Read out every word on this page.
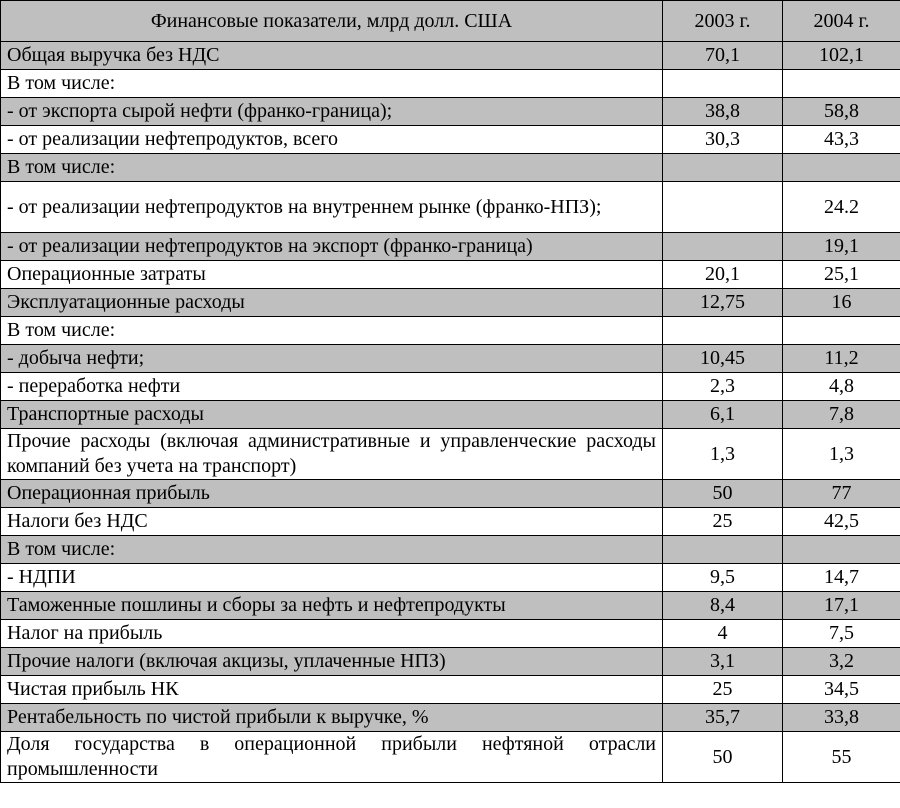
Финансовые показатели, млрд долл. США	2003 г.	2004 г.
Общая выручка без НДС	70,1	102,1
В том числе:		
- от экспорта сырой нефти (франко-граница);	38,8	58,8
- от реализации нефтепродуктов, всего	30,3	43,3
В том числе:		
- от реализации нефтепродуктов на внутреннем рынке (франко-НПЗ);		24.2
- от реализации нефтепродуктов на экспорт (франко-граница)		19,1
Операционные затраты	20,1	25,1
Эксплуатационные расходы	12,75	16
В том числе:		
- добыча нефти;	10,45	11,2
- переработка нефти	2,3	4,8
Транспортные расходы	6,1	7,8
Прочие расходы (включая административные и управленческие расходы компаний без учета на транспорт)	1,3	1,3
Операционная прибыль	50	77
Налоги без НДС	25	42,5
В том числе:		
- НДПИ	9,5	14,7
Таможенные пошлины и сборы за нефть и нефтепродукты	8,4	17,1
Налог на прибыль	4	7,5
Прочие налоги (включая акцизы, уплаченные НПЗ)	3,1	3,2
Чистая прибыль НК	25	34,5
Рентабельность по чистой прибыли к выручке, %	35,7	33,8
Доля государства в операционной прибыли нефтяной отрасли промышленности	50	55
